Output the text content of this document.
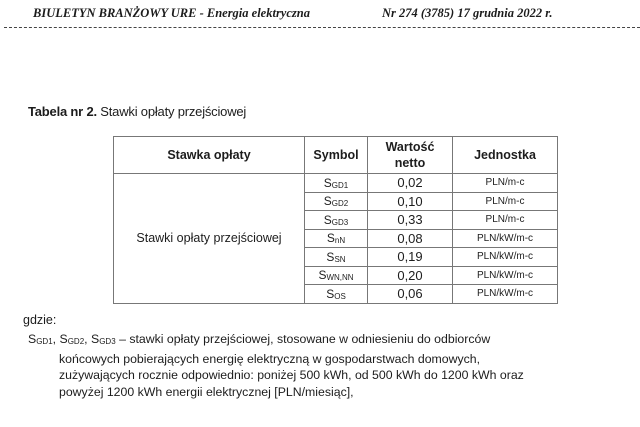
BIULETYN BRANŻOWY URE - Energia elektryczna	Nr 274 (3785) 17 grudnia 2022 r.
Tabela nr 2. Stawki opłaty przejściowej
Stawka opłaty	Symbol	Wartość
netto	Jednostka
Stawki opłaty przejściowej	$S_{GD1}$	0,02	PLN/m-c
	$S_{GD2}$	0,10	PLN/m-c
	$S_{GD3}$	0,33	PLN/m-c
	$S_{nN}$	0,08	PLN/kW/m-c
	$S_{SN}$	0,19	PLN/kW/m-c
	$S_{WN,NN}$	0,20	PLN/kW/m-c
	$S_{OS}$	0,06	PLN/kW/m-c
gdzie:
$S_{GD1}$, $S_{GD2}$, $S_{GD3}$ – stawki opłaty przejściowej, stosowane w odniesieniu do odbiorców
końcowych pobierających energię elektryczną w gospodarstwach domowych,
zużywających rocznie odpowiednio: poniżej 500 kWh, od 500 kWh do 1200 kWh oraz
powyżej 1200 kWh energii elektrycznej [PLN/miesiąc],
